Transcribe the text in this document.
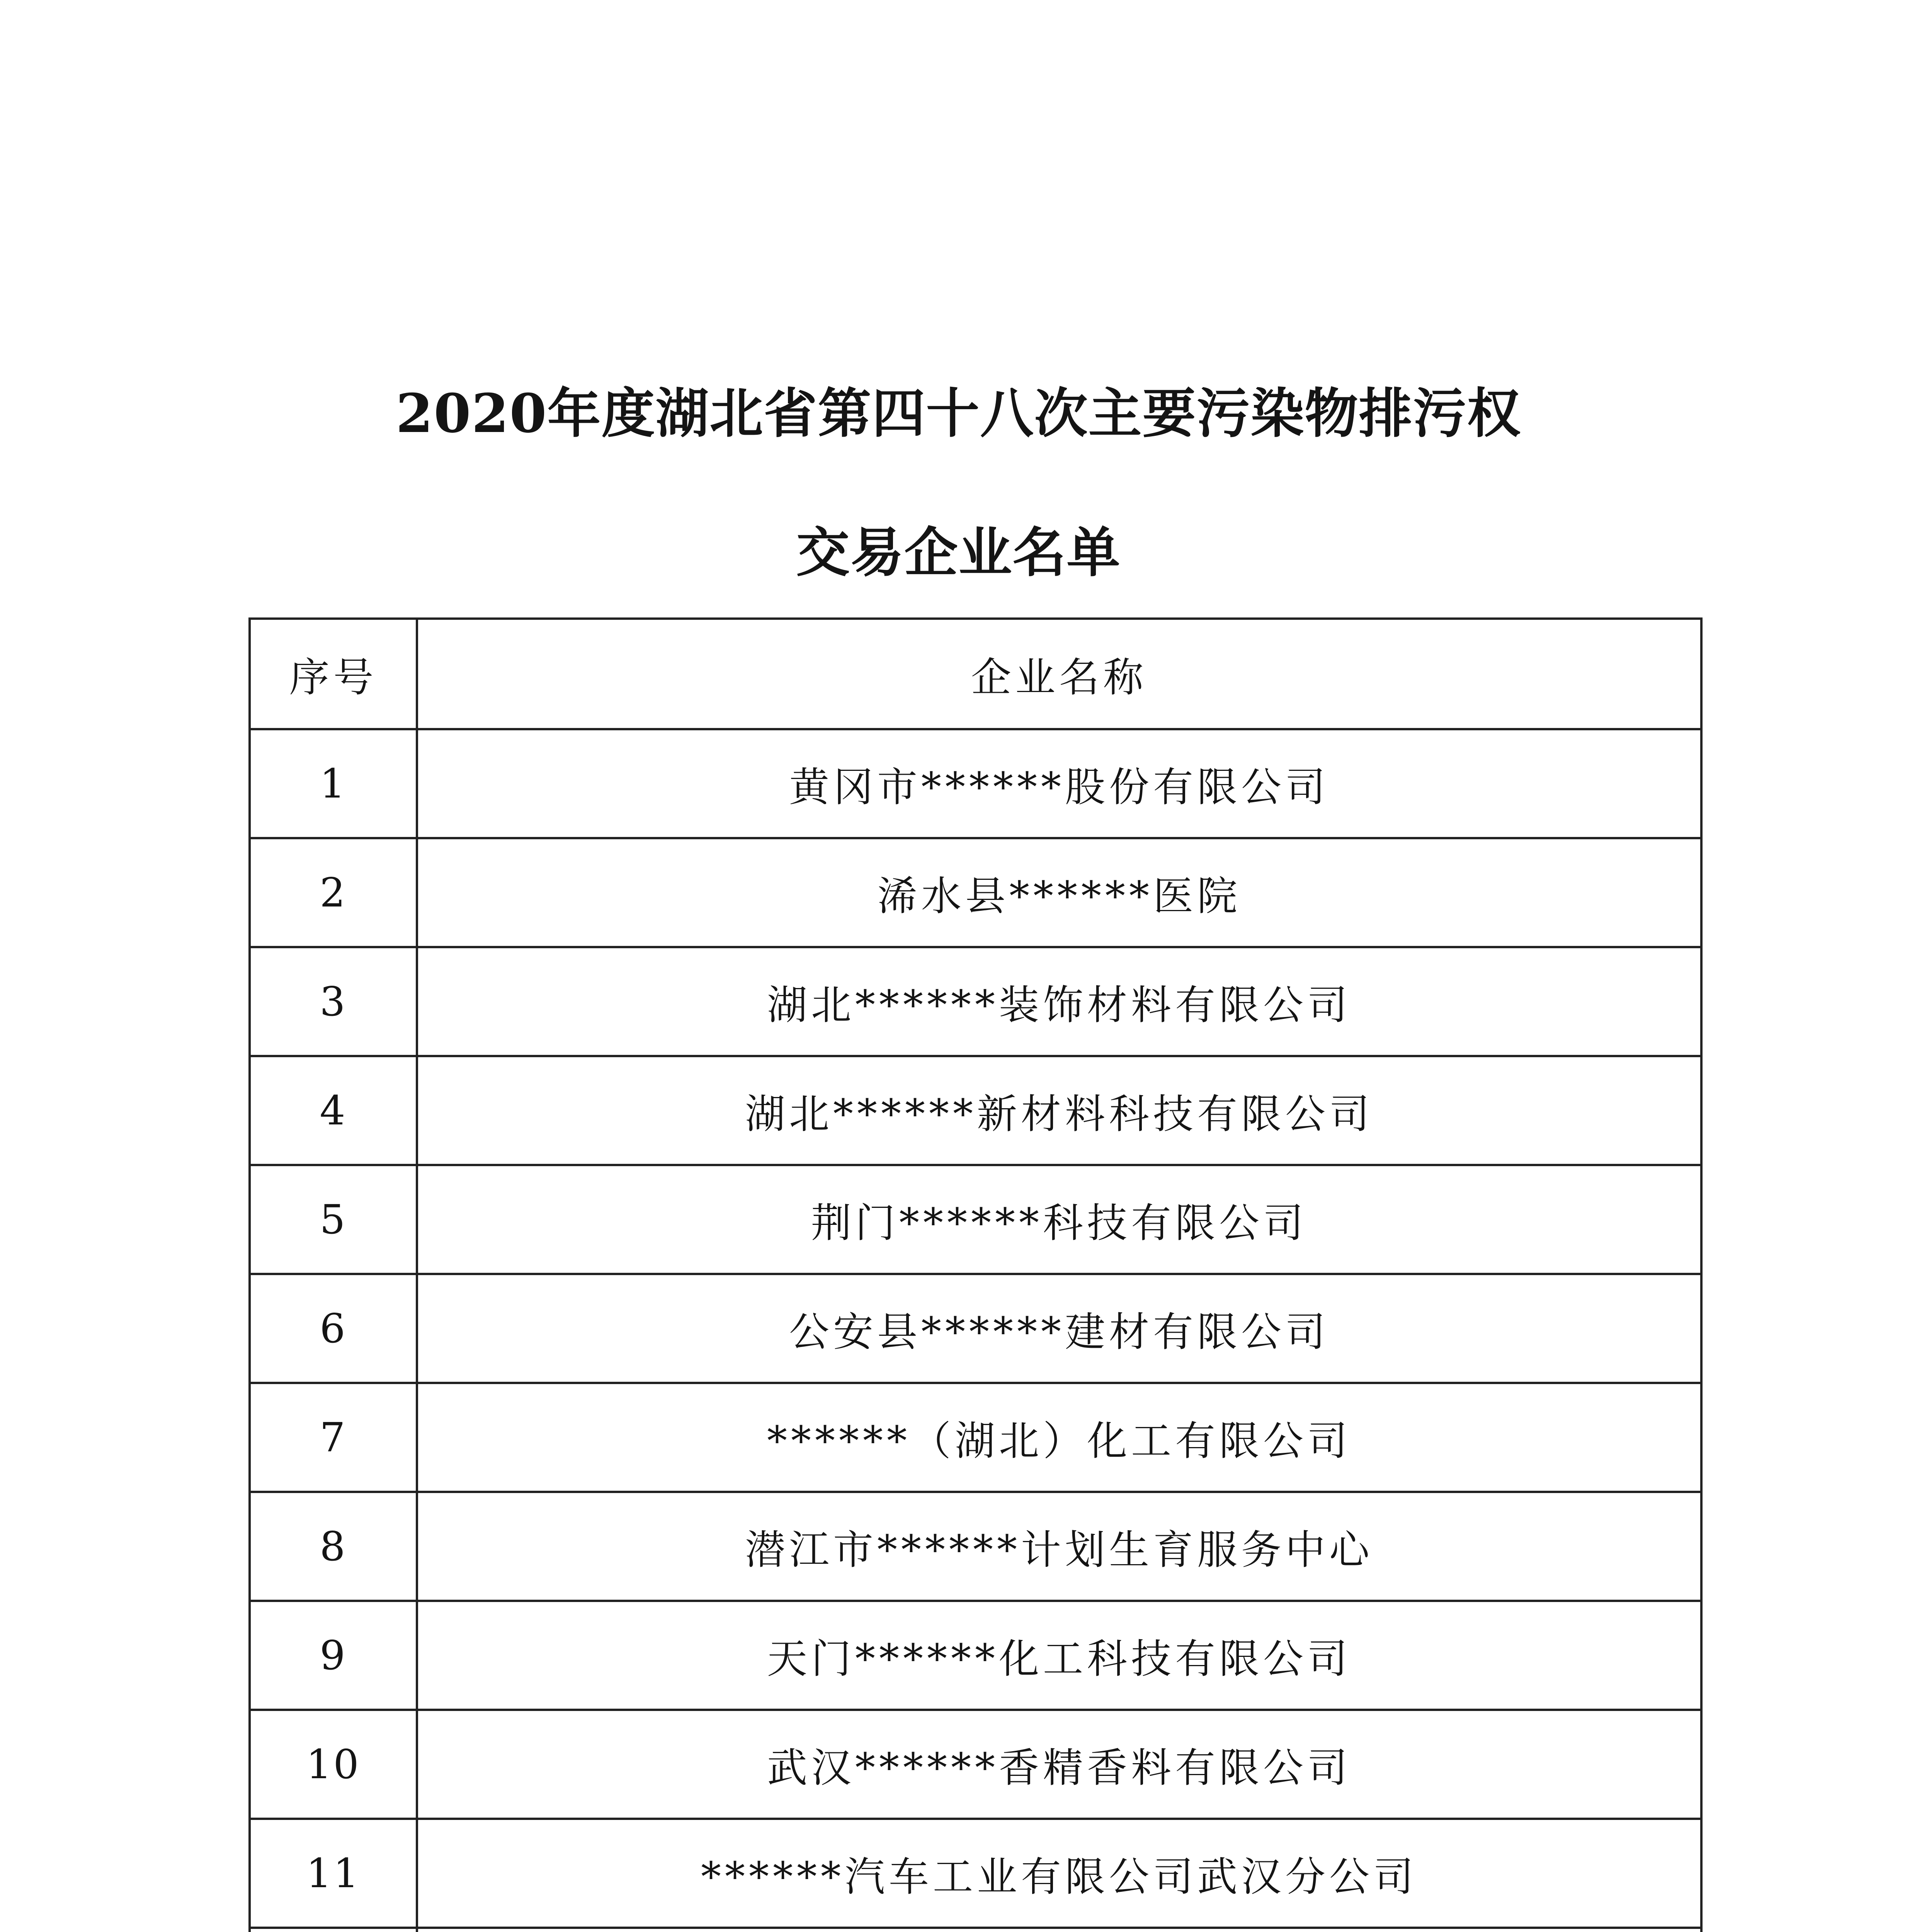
2020年度湖北省第四十八次主要污染物排污权
交易企业名单
序号	企业名称
1	黄冈市******股份有限公司
2	浠水县******医院
3	湖北******装饰材料有限公司
4	湖北******新材料科技有限公司
5	荆门******科技有限公司
6	公安县******建材有限公司
7	******（湖北）化工有限公司
8	潜江市******计划生育服务中心
9	天门******化工科技有限公司
10	武汉******香精香料有限公司
11	******汽车工业有限公司武汉分公司
